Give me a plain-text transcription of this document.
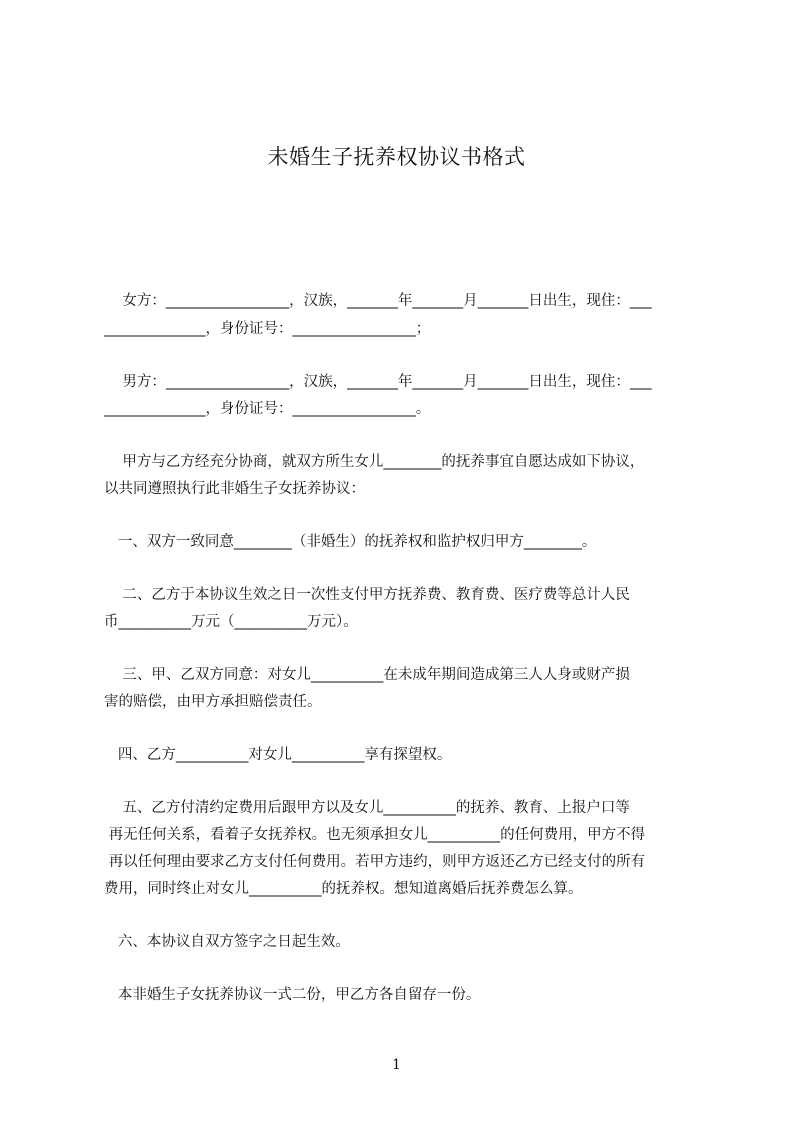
未婚生子抚养权协议书格式
女方：_________________，汉族，_______年_______月_______日出生，现住：___
______________，身份证号：_________________；
男方：_________________，汉族，_______年_______月_______日出生，现住：___
______________，身份证号：_________________。
甲方与乙方经充分协商，就双方所生女儿________的抚养事宜自愿达成如下协议，
以共同遵照执行此非婚生子女抚养协议：
一、双方一致同意________（非婚生）的抚养权和监护权归甲方________。
二、乙方于本协议生效之日一次性支付甲方抚养费、教育费、医疗费等总计人民
币__________万元（__________万元）。
三、甲、乙双方同意：对女儿__________在未成年期间造成第三人人身或财产损
害的赔偿，由甲方承担赔偿责任。
四、乙方__________对女儿__________享有探望权。
五、乙方付清约定费用后跟甲方以及女儿__________的抚养、教育、上报户口等
再无任何关系，看着子女抚养权。也无须承担女儿__________的任何费用，甲方不得
再以任何理由要求乙方支付任何费用。若甲方违约，则甲方返还乙方已经支付的所有
费用，同时终止对女儿__________的抚养权。想知道离婚后抚养费怎么算。
六、本协议自双方签字之日起生效。
本非婚生子女抚养协议一式二份，甲乙方各自留存一份。
1
